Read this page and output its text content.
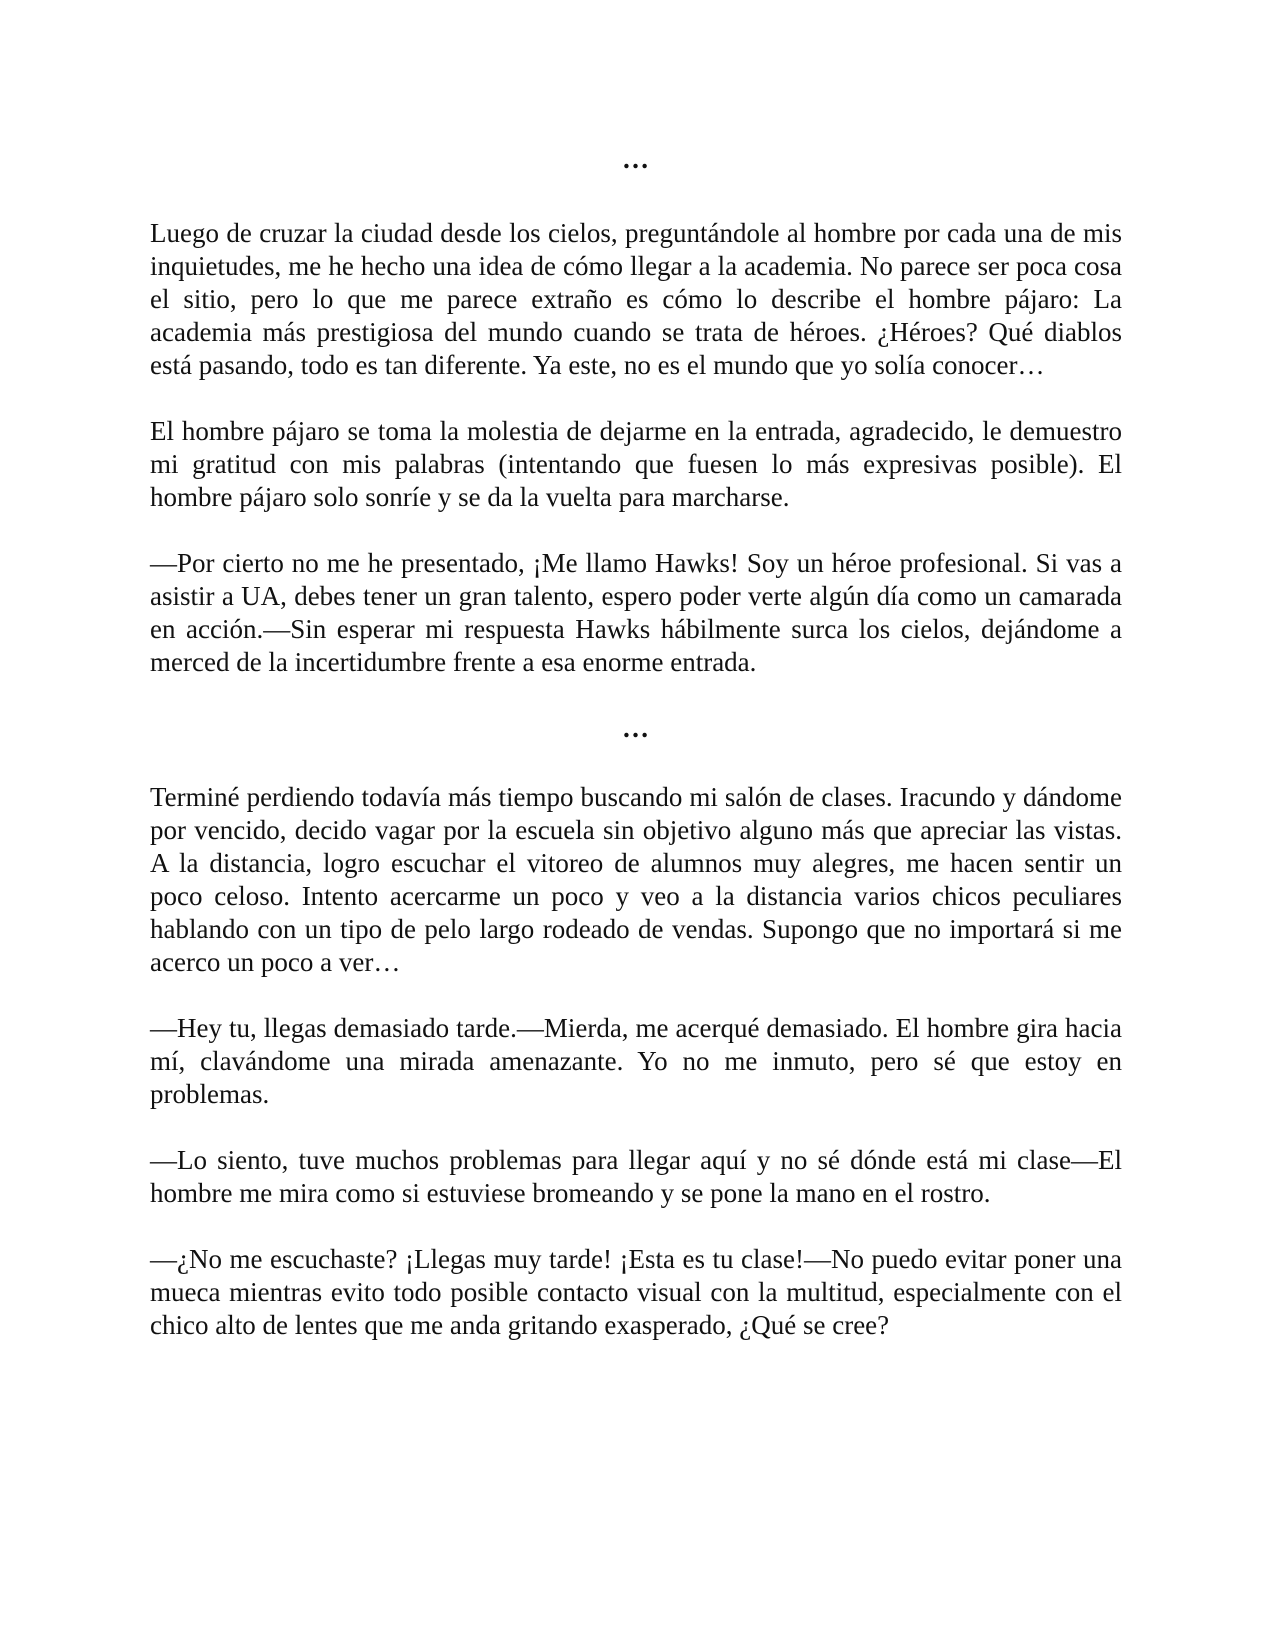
…

Luego de cruzar la ciudad desde los cielos, preguntándole al hombre por cada una de mis inquietudes, me he hecho una idea de cómo llegar a la academia. No parece ser poca cosa el sitio, pero lo que me parece extraño es cómo lo describe el hombre pájaro: La academia más prestigiosa del mundo cuando se trata de héroes. ¿Héroes? Qué diablos está pasando, todo es tan diferente. Ya este, no es el mundo que yo solía conocer…

El hombre pájaro se toma la molestia de dejarme en la entrada, agradecido, le demuestro mi gratitud con mis palabras (intentando que fuesen lo más expresivas posible). El hombre pájaro solo sonríe y se da la vuelta para marcharse.

—Por cierto no me he presentado, ¡Me llamo Hawks! Soy un héroe profesional. Si vas a asistir a UA, debes tener un gran talento, espero poder verte algún día como un camarada en acción.—Sin esperar mi respuesta Hawks hábilmente surca los cielos, dejándome a merced de la incertidumbre frente a esa enorme entrada.

…

Terminé perdiendo todavía más tiempo buscando mi salón de clases. Iracundo y dándome por vencido, decido vagar por la escuela sin objetivo alguno más que apreciar las vistas. A la distancia, logro escuchar el vitoreo de alumnos muy alegres, me hacen sentir un poco celoso. Intento acercarme un poco y veo a la distancia varios chicos peculiares hablando con un tipo de pelo largo rodeado de vendas. Supongo que no importará si me acerco un poco a ver…

—Hey tu, llegas demasiado tarde.—Mierda, me acerqué demasiado. El hombre gira hacia mí, clavándome una mirada amenazante. Yo no me inmuto, pero sé que estoy en problemas.

—Lo siento, tuve muchos problemas para llegar aquí y no sé dónde está mi clase—El hombre me mira como si estuviese bromeando y se pone la mano en el rostro.

—¿No me escuchaste? ¡Llegas muy tarde! ¡Esta es tu clase!—No puedo evitar poner una mueca mientras evito todo posible contacto visual con la multitud, especialmente con el chico alto de lentes que me anda gritando exasperado, ¿Qué se cree?
